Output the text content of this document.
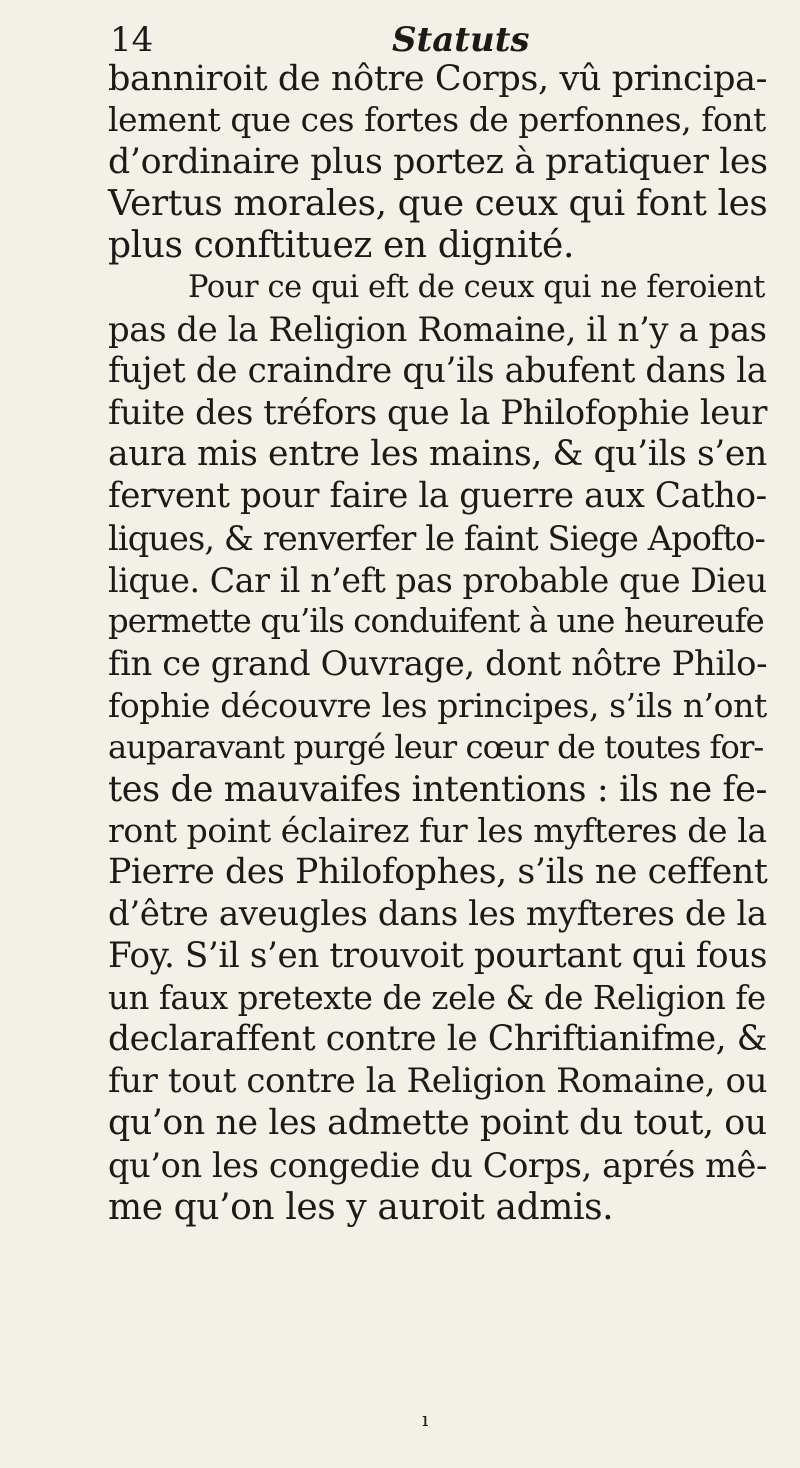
14	Statuts
banniroit de nôtre Corps, vû principa-
lement que ces fortes de perfonnes, font
d’ordinaire plus portez à pratiquer les
Vertus morales, que ceux qui font les
plus conftituez en dignité.
Pour ce qui eft de ceux qui ne feroient
pas de la Religion Romaine, il n’y a pas
fujet de craindre qu’ils abufent dans la
fuite des tréfors que la Philofophie leur
aura mis entre les mains, & qu’ils s’en
fervent pour faire la guerre aux Catho-
liques, & renverfer le faint Siege Apofto-
lique. Car il n’eft pas probable que Dieu
permette qu’ils conduifent à une heureufe
fin ce grand Ouvrage, dont nôtre Philo-
fophie découvre les principes, s’ils n’ont
auparavant purgé leur cœur de toutes for-
tes de mauvaifes intentions : ils ne fe-
ront point éclairez fur les myfteres de la
Pierre des Philofophes, s’ils ne ceffent
d’être aveugles dans les myfteres de la
Foy. S’il s’en trouvoit pourtant qui fous
un faux pretexte de zele & de Religion fe
declaraffent contre le Chriftianifme, &
fur tout contre la Religion Romaine, ou
qu’on ne les admette point du tout, ou
qu’on les congedie du Corps, aprés mê-
me qu’on les y auroit admis.
ı
